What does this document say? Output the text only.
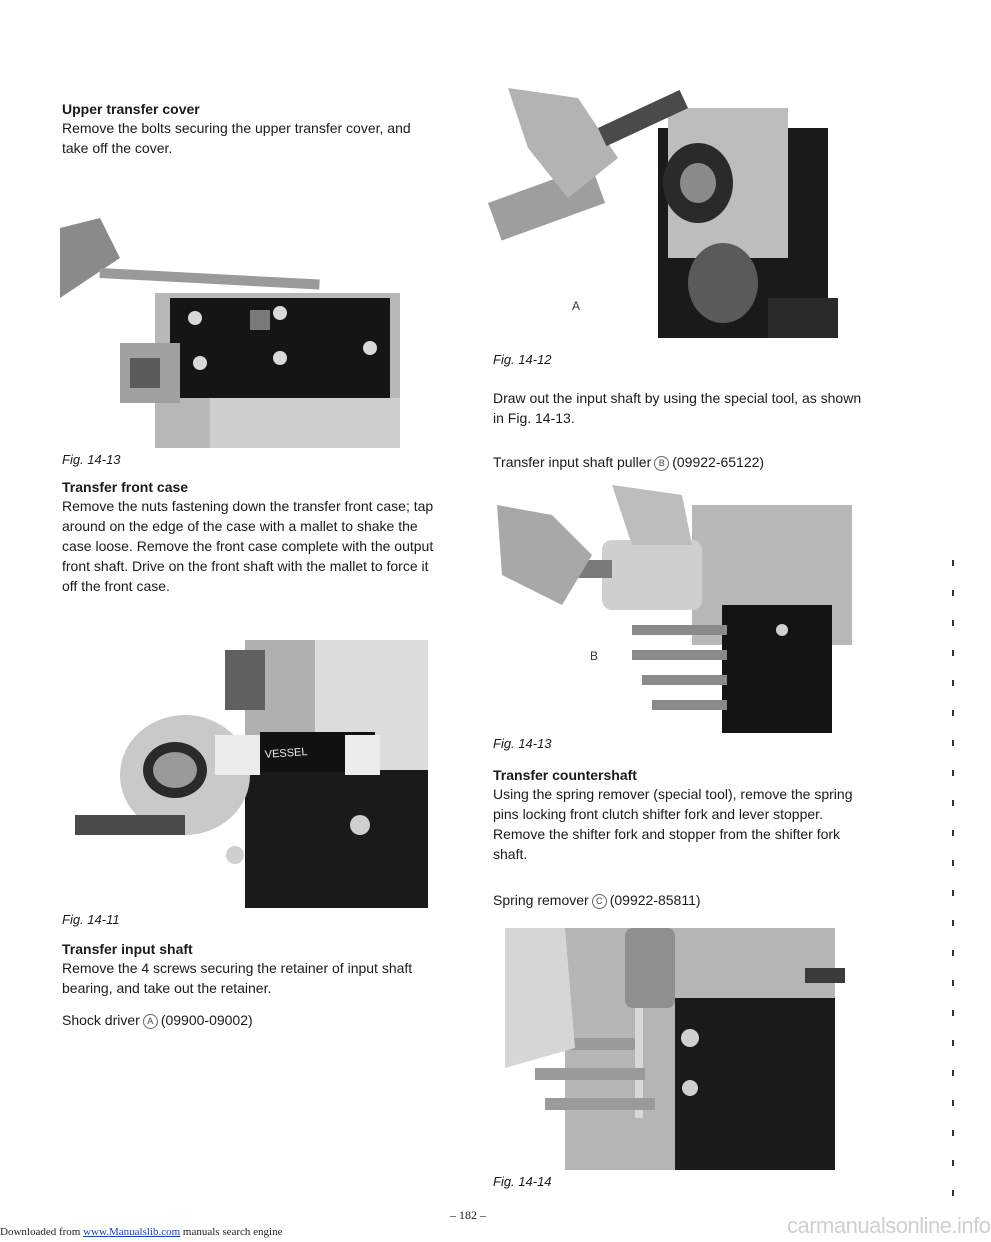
Upper transfer cover

Remove the bolts securing the upper transfer cover, and take off the cover.

Fig. 14-13

Transfer front case

Remove the nuts fastening down the transfer front case; tap around on the edge of the case with a mallet to shake the case loose. Remove the front case complete with the output front shaft. Drive on the front shaft with the mallet to force it off the front case.

VESSEL

Fig. 14-11

Transfer input shaft

Remove the 4 screws securing the retainer of input shaft bearing, and take out the retainer.

Shock driver A (09900-09002)

A

Fig. 14-12

Draw out the input shaft by using the special tool, as shown in Fig. 14-13.

Transfer input shaft puller B (09922-65122)

B

Fig. 14-13

Transfer countershaft

Using the spring remover (special tool), remove the spring pins locking front clutch shifter fork and lever stopper. Remove the shifter fork and stopper from the shifter fork shaft.

Spring remover C (09922-85811)

Fig. 14-14

– 182 –

Downloaded from www.Manualslib.com manuals search engine	carmanualsonline.info
